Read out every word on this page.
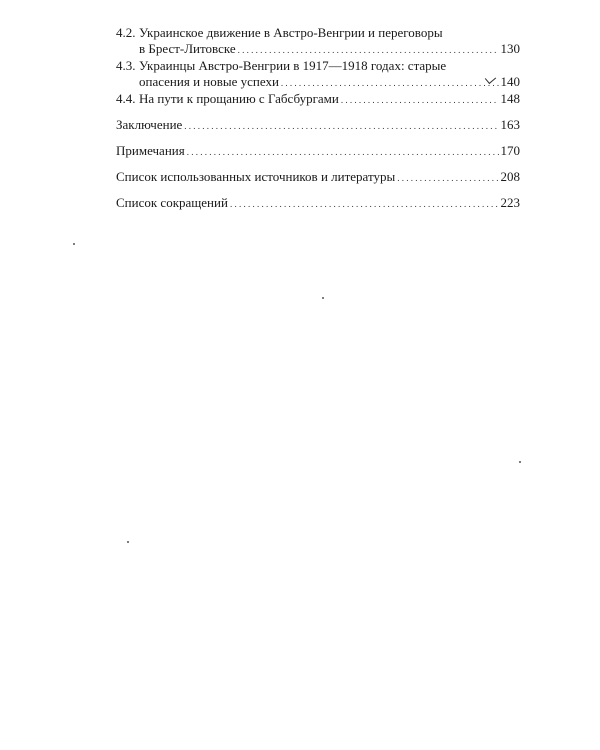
4.2. Украинское движение в Австро-Венгрии и переговоры
в Брест-Литовске . . .	130
4.3. Украинцы Австро-Венгрии в 1917—1918 годах: старые
опасения и новые успехи . . .	140
4.4. На пути к прощанию с Габсбургами . . .	148
Заключение . . .	163
Примечания . . .	170
Список использованных источников и литературы . . .	208
Список сокращений . . .	223
